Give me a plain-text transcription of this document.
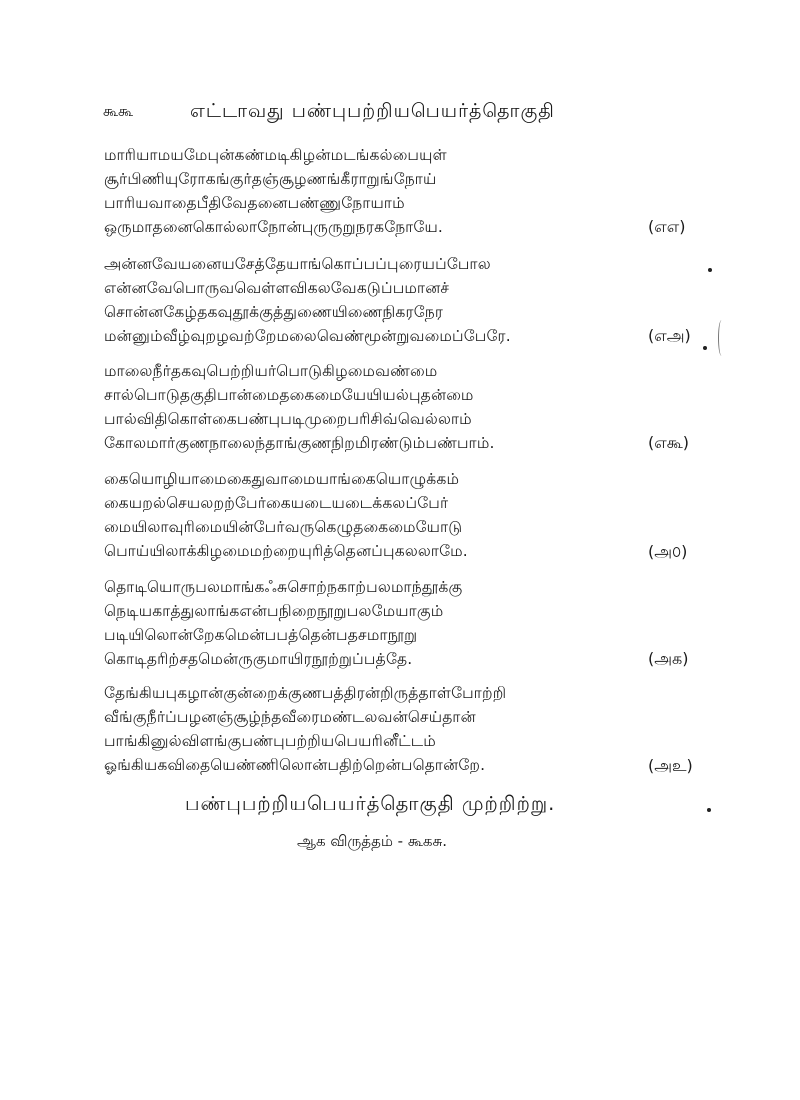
கூகூ	எட்டாவது பண்புபற்றியபெயர்த்தொகுதி
மாரியாமயமேபுன்கண்மடிகிழன்மடங்கல்பையுள்
சூர்பிணியுரோகங்குர்தஞ்சூழணங்கீராறுங்நோய்
பாரியவாதைபீதிவேதனைபண்ணுநோயாம்
ஒருமாதனைகொல்லாநோன்புருருறுநரகநோயே.	(எஎ)
அன்னவேயனையசேத்தேயாங்கொப்பப்புரையப்போல
என்னவேபொருவவெள்ளவிகலவேகடுப்பமானச்
சொன்னகேழ்தகவுதூக்குத்துணையிணைநிகரநேர
மன்னும்வீழ்வுறழவற்றேமலைவெண்மூன்றுவமைப்பேரே.	(எஅ)
மாலைநீர்தகவுபெற்றியர்பொடுகிழமைவண்மை
சால்பொடுதகுதிபான்மைதகைமையேயியல்புதன்மை
பால்விதிகொள்கைபண்புபடிமுறைபரிசிவ்வெல்லாம்
கோலமார்குணநாலைந்தாங்குணநிறமிரண்டும்பண்பாம்.	(எகூ)
கையொழியாமைகைதுவாமையாங்கையொழுக்கம்
கையறல்செயலறற்பேர்கையடையடைக்கலப்பேர்
மையிலாவுரிமையின்பேர்வருகெழுதகைமையோடு
பொய்யிலாக்கிழமைமற்றையுரித்தெனப்புகலலாமே.	(அ௦)
தொடியொருபலமாங்கஃசுசொற்நகாற்பலமாந்தூக்கு
நெடியகாத்துலாங்கஎன்பநிறைநூறுபலமேயாகும்
படியிலொன்றேகமென்பபத்தென்பதசமாநூறு
கொடிதரிற்சதமென்ருகுமாயிரநூற்றுப்பத்தே.	(அக)
தேங்கியபுகழான்குன்றைக்குணபத்திரன்றிருத்தாள்போற்றி
வீங்குநீர்ப்பழனஞ்சூழ்ந்தவீரைமண்டலவன்செய்தான்
பாங்கினுல்விளங்குபண்புபற்றியபெயரினீட்டம்
ஓங்கியகவிதையெண்ணிலொன்பதிற்றென்பதொன்றே.	(அஉ)
பண்புபற்றியபெயர்த்தொகுதி முற்றிற்று.
ஆக விருத்தம் - கூகசு.
